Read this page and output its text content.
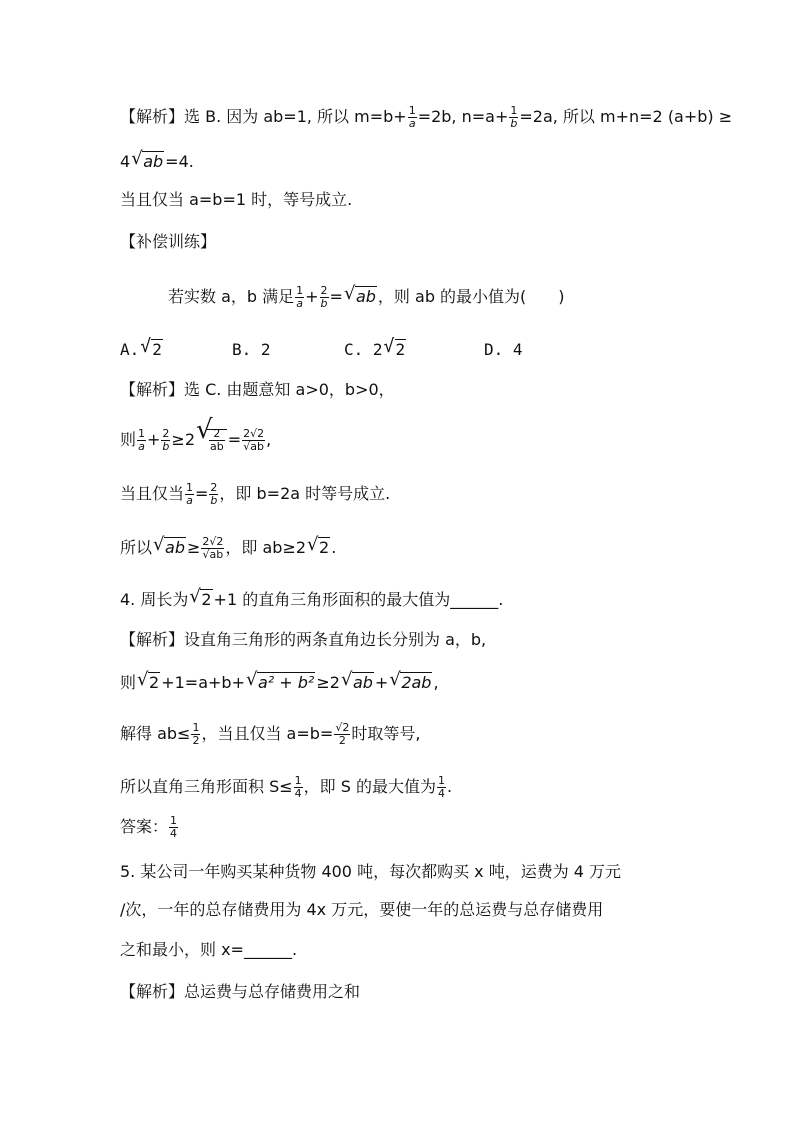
【解析】选 B. 因为 ab=1, 所以 $m=b+ \frac{1}{a} =2b$, $n=a+ \frac{1}{b} =2a$, 所以 m+n=2 (a+b) ≥
4 √ ab =4.
当且仅当 a=b=1 时，等号成立.
【补偿训练】
若实数 a，b 满足 $\frac{1}{a} + \frac{2}{b}$ = √ ab ，则 ab 的最小值为(　　)
A. √ 2	B. 2	C. 2 √ 2	D. 4
【解析】选 C. 由题意知 a>0，b>0，
则 $\frac{1}{a} + \frac{2}{b} \ge 2$ √
$\frac{2}{ab} = \frac{2√2}{√ab}$ ,
当且仅当 $\frac{1}{a} = \frac{2}{b}$ ，即 b=2a 时等号成立.
所以 √ ab ≥ $\frac{2√2}{√ab}$ ，即 ab≥2 √ 2 .
4. 周长为 √ 2 +1 的直角三角形面积的最大值为______.
【解析】设直角三角形的两条直角边长分别为 a，b,
则 √ 2 +1=a+b+ √ a² + b² ≥2 √ ab + √ 2ab ,
解得 $ab\le \frac{1}{2}$ ，当且仅当 $a=b= \frac{√2}{2}$ 时取等号,
所以直角三角形面积 $S\le \frac{1}{4}$ ，即 S 的最大值为 $\frac{1}{4}$ .
答案： $\frac{1}{4}$
5. 某公司一年购买某种货物 400 吨，每次都购买 x 吨，运费为 4 万元
/次，一年的总存储费用为 4x 万元，要使一年的总运费与总存储费用
之和最小，则 x=______.
【解析】总运费与总存储费用之和
